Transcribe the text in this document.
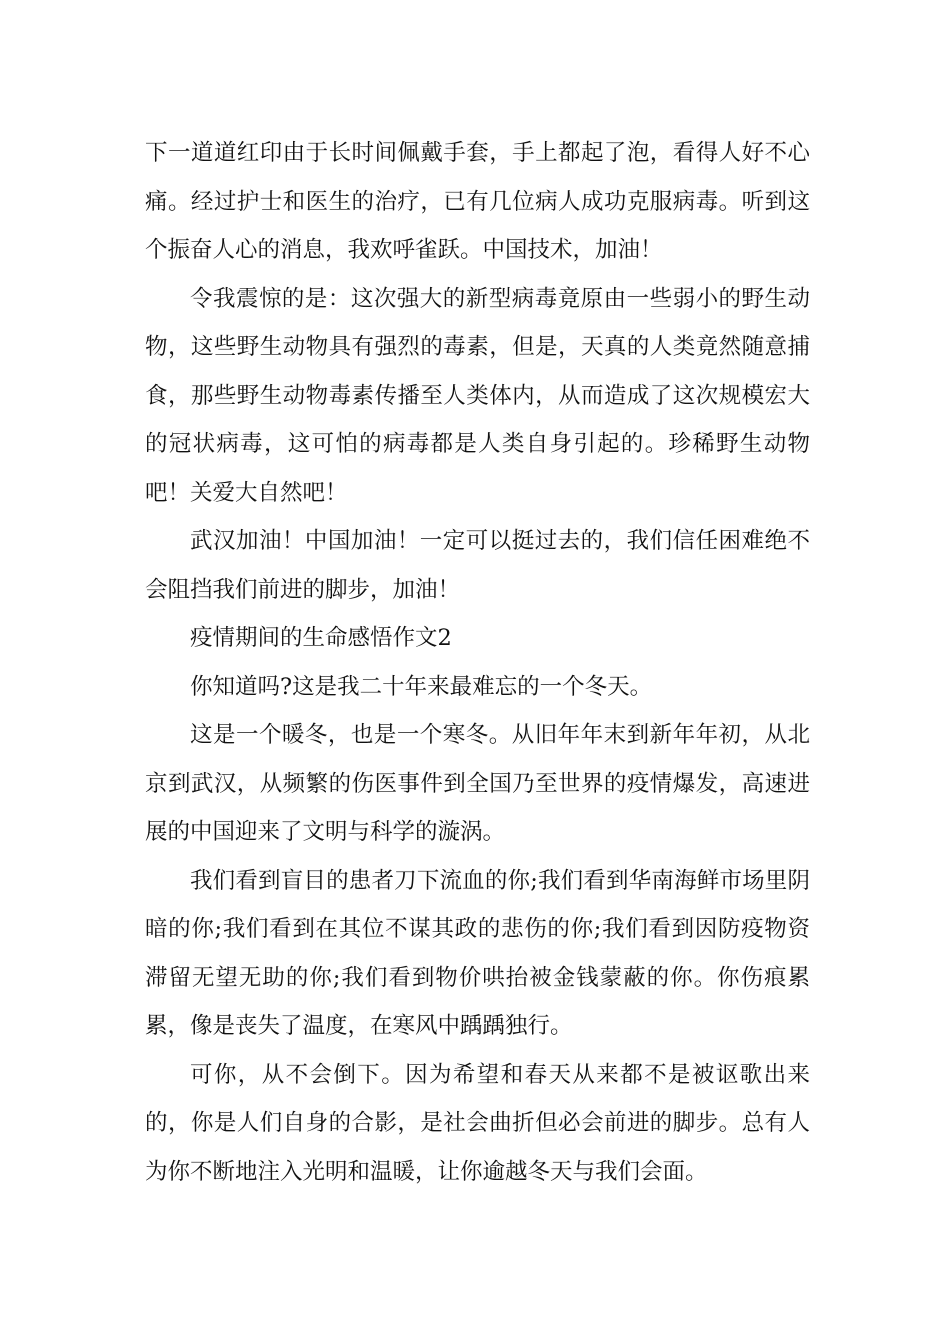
下一道道红印由于长时间佩戴手套，手上都起了泡，看得人好不心痛。经过护士和医生的治疗，已有几位病人成功克服病毒。听到这个振奋人心的消息，我欢呼雀跃。中国技术，加油！

令我震惊的是：这次强大的新型病毒竟原由一些弱小的野生动物，这些野生动物具有强烈的毒素，但是，天真的人类竟然随意捕食，那些野生动物毒素传播至人类体内，从而造成了这次规模宏大的冠状病毒，这可怕的病毒都是人类自身引起的。珍稀野生动物吧！关爱大自然吧！

武汉加油！中国加油！一定可以挺过去的，我们信任困难绝不会阻挡我们前进的脚步，加油！

疫情期间的生命感悟作文2

你知道吗?这是我二十年来最难忘的一个冬天。

这是一个暖冬，也是一个寒冬。从旧年年末到新年年初，从北京到武汉，从频繁的伤医事件到全国乃至世界的疫情爆发，高速进展的中国迎来了文明与科学的漩涡。

我们看到盲目的患者刀下流血的你;我们看到华南海鲜市场里阴暗的你;我们看到在其位不谋其政的悲伤的你;我们看到因防疫物资滞留无望无助的你;我们看到物价哄抬被金钱蒙蔽的你。你伤痕累累，像是丧失了温度，在寒风中踽踽独行。

可你，从不会倒下。因为希望和春天从来都不是被讴歌出来的，你是人们自身的合影，是社会曲折但必会前进的脚步。总有人为你不断地注入光明和温暖，让你逾越冬天与我们会面。
